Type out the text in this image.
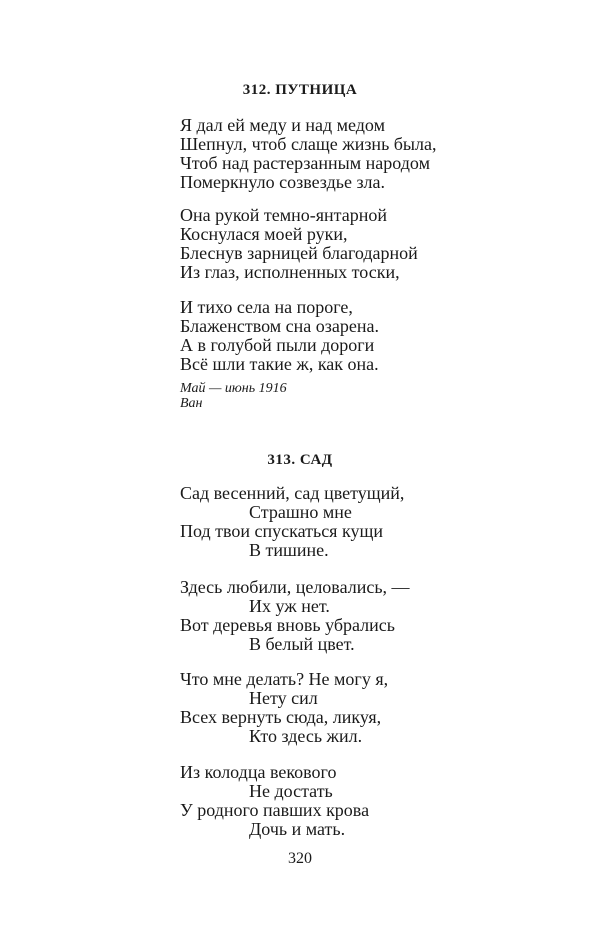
312. ПУТНИЦА
Я дал ей меду и над медом
Шепнул, чтоб слаще жизнь была,
Чтоб над растерзанным народом
Померкнуло созвездье зла.
Она рукой темно-янтарной
Коснулася моей руки,
Блеснув зарницей благодарной
Из глаз, исполненных тоски,
И тихо села на пороге,
Блаженством сна озарена.
А в голубой пыли дороги
Всё шли такие ж, как она.
Май — июнь 1916
Ван
313. САД
Сад весенний, сад цветущий,
Страшно мне
Под твои спускаться кущи
В тишине.
Здесь любили, целовались, —
Их уж нет.
Вот деревья вновь убрались
В белый цвет.
Что мне делать? Не могу я,
Нету сил
Всех вернуть сюда, ликуя,
Кто здесь жил.
Из колодца векового
Не достать
У родного павших крова
Дочь и мать.
320
